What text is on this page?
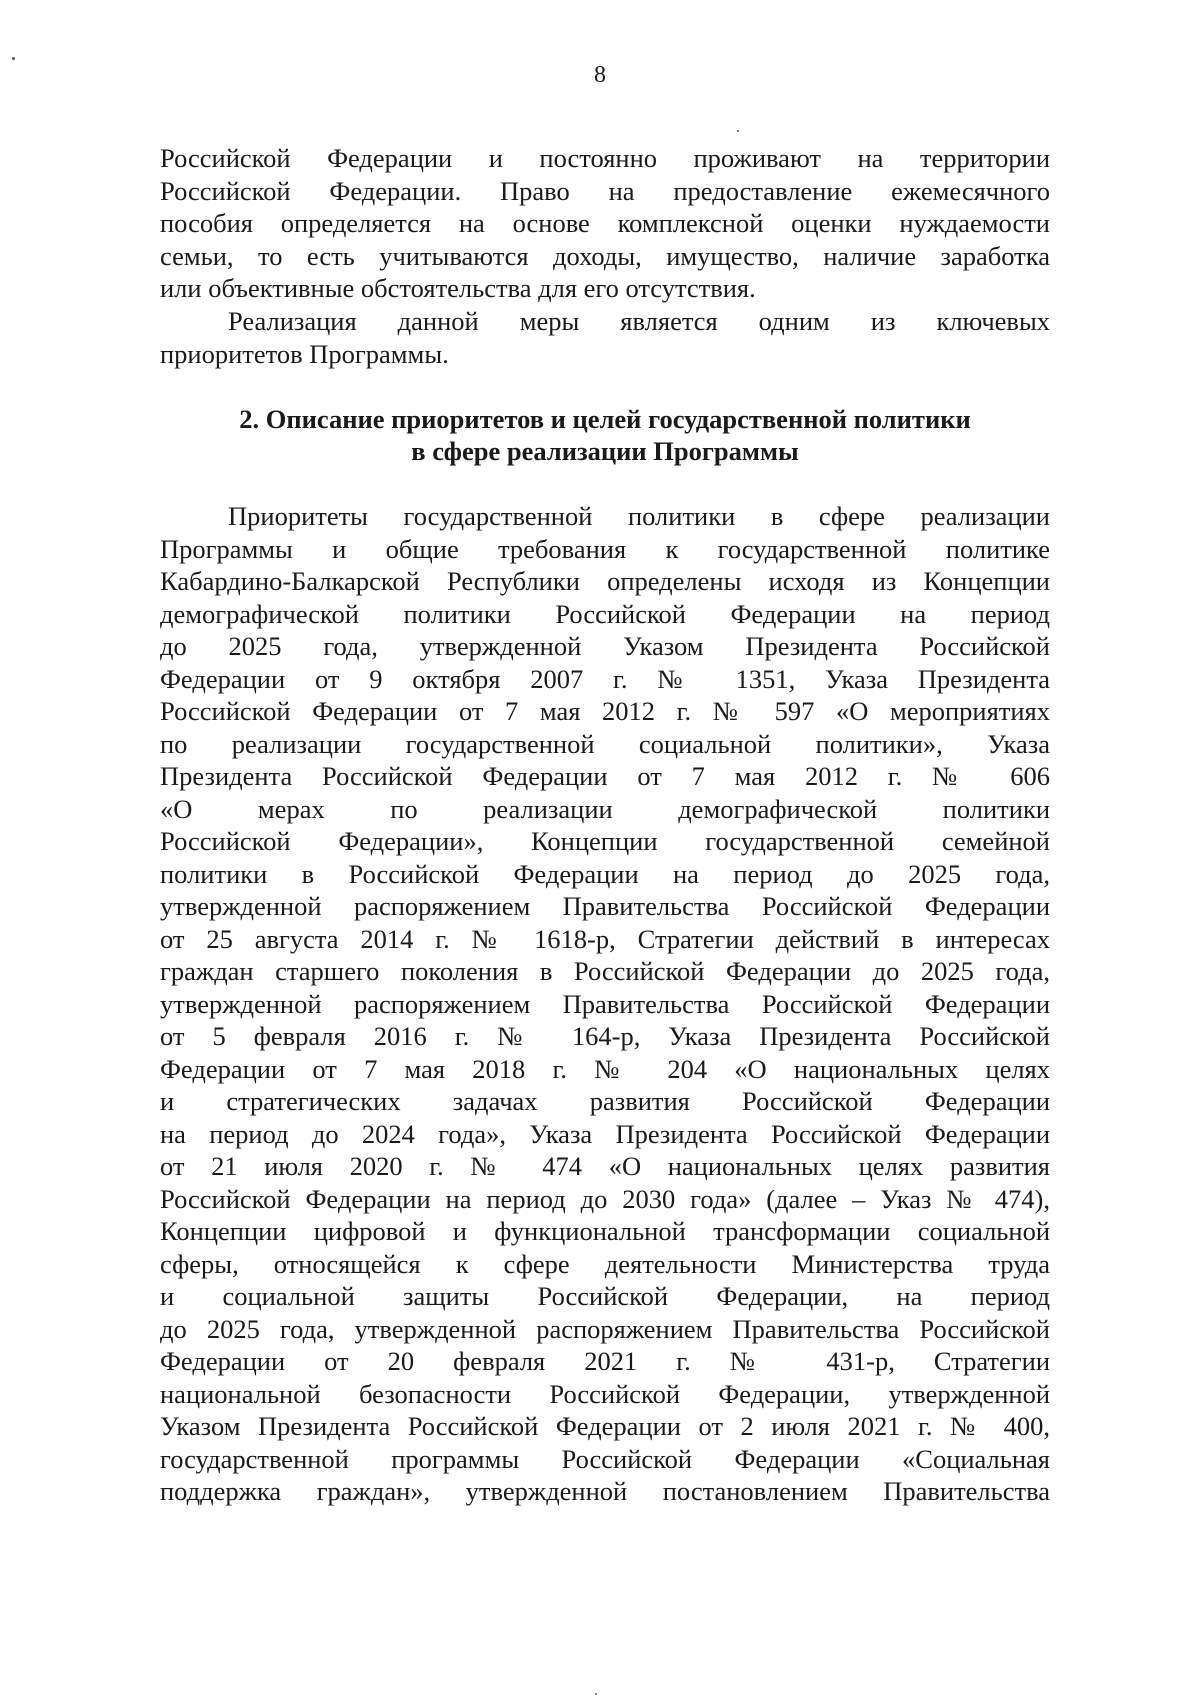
8
Российской Федерации и постоянно проживают на территории
Российской Федерации. Право на предоставление ежемесячного
пособия определяется на основе комплексной оценки нуждаемости
семьи, то есть учитываются доходы, имущество, наличие заработка
или объективные обстоятельства для его отсутствия.
Реализация данной меры является одним из ключевых
приоритетов Программы.
2. Описание приоритетов и целей государственной политики
в сфере реализации Программы
Приоритеты государственной политики в сфере реализации
Программы и общие требования к государственной политике
Кабардино-Балкарской Республики определены исходя из Концепции
демографической политики Российской Федерации на период
до 2025 года, утвержденной Указом Президента Российской
Федерации от 9 октября 2007 г. № 1351, Указа Президента
Российской Федерации от 7 мая 2012 г. № 597 «О мероприятиях
по реализации государственной социальной политики», Указа
Президента Российской Федерации от 7 мая 2012 г. № 606
«О мерах по реализации демографической политики
Российской Федерации», Концепции государственной семейной
политики в Российской Федерации на период до 2025 года,
утвержденной распоряжением Правительства Российской Федерации
от 25 августа 2014 г. № 1618-р, Стратегии действий в интересах
граждан старшего поколения в Российской Федерации до 2025 года,
утвержденной распоряжением Правительства Российской Федерации
от 5 февраля 2016 г. № 164-р, Указа Президента Российской
Федерации от 7 мая 2018 г. № 204 «О национальных целях
и стратегических задачах развития Российской Федерации
на период до 2024 года», Указа Президента Российской Федерации
от 21 июля 2020 г. № 474 «О национальных целях развития
Российской Федерации на период до 2030 года» (далее – Указ № 474),
Концепции цифровой и функциональной трансформации социальной
сферы, относящейся к сфере деятельности Министерства труда
и социальной защиты Российской Федерации, на период
до 2025 года, утвержденной распоряжением Правительства Российской
Федерации от 20 февраля 2021 г. № 431-р, Стратегии
национальной безопасности Российской Федерации, утвержденной
Указом Президента Российской Федерации от 2 июля 2021 г. № 400,
государственной программы Российской Федерации «Социальная
поддержка граждан», утвержденной постановлением Правительства
